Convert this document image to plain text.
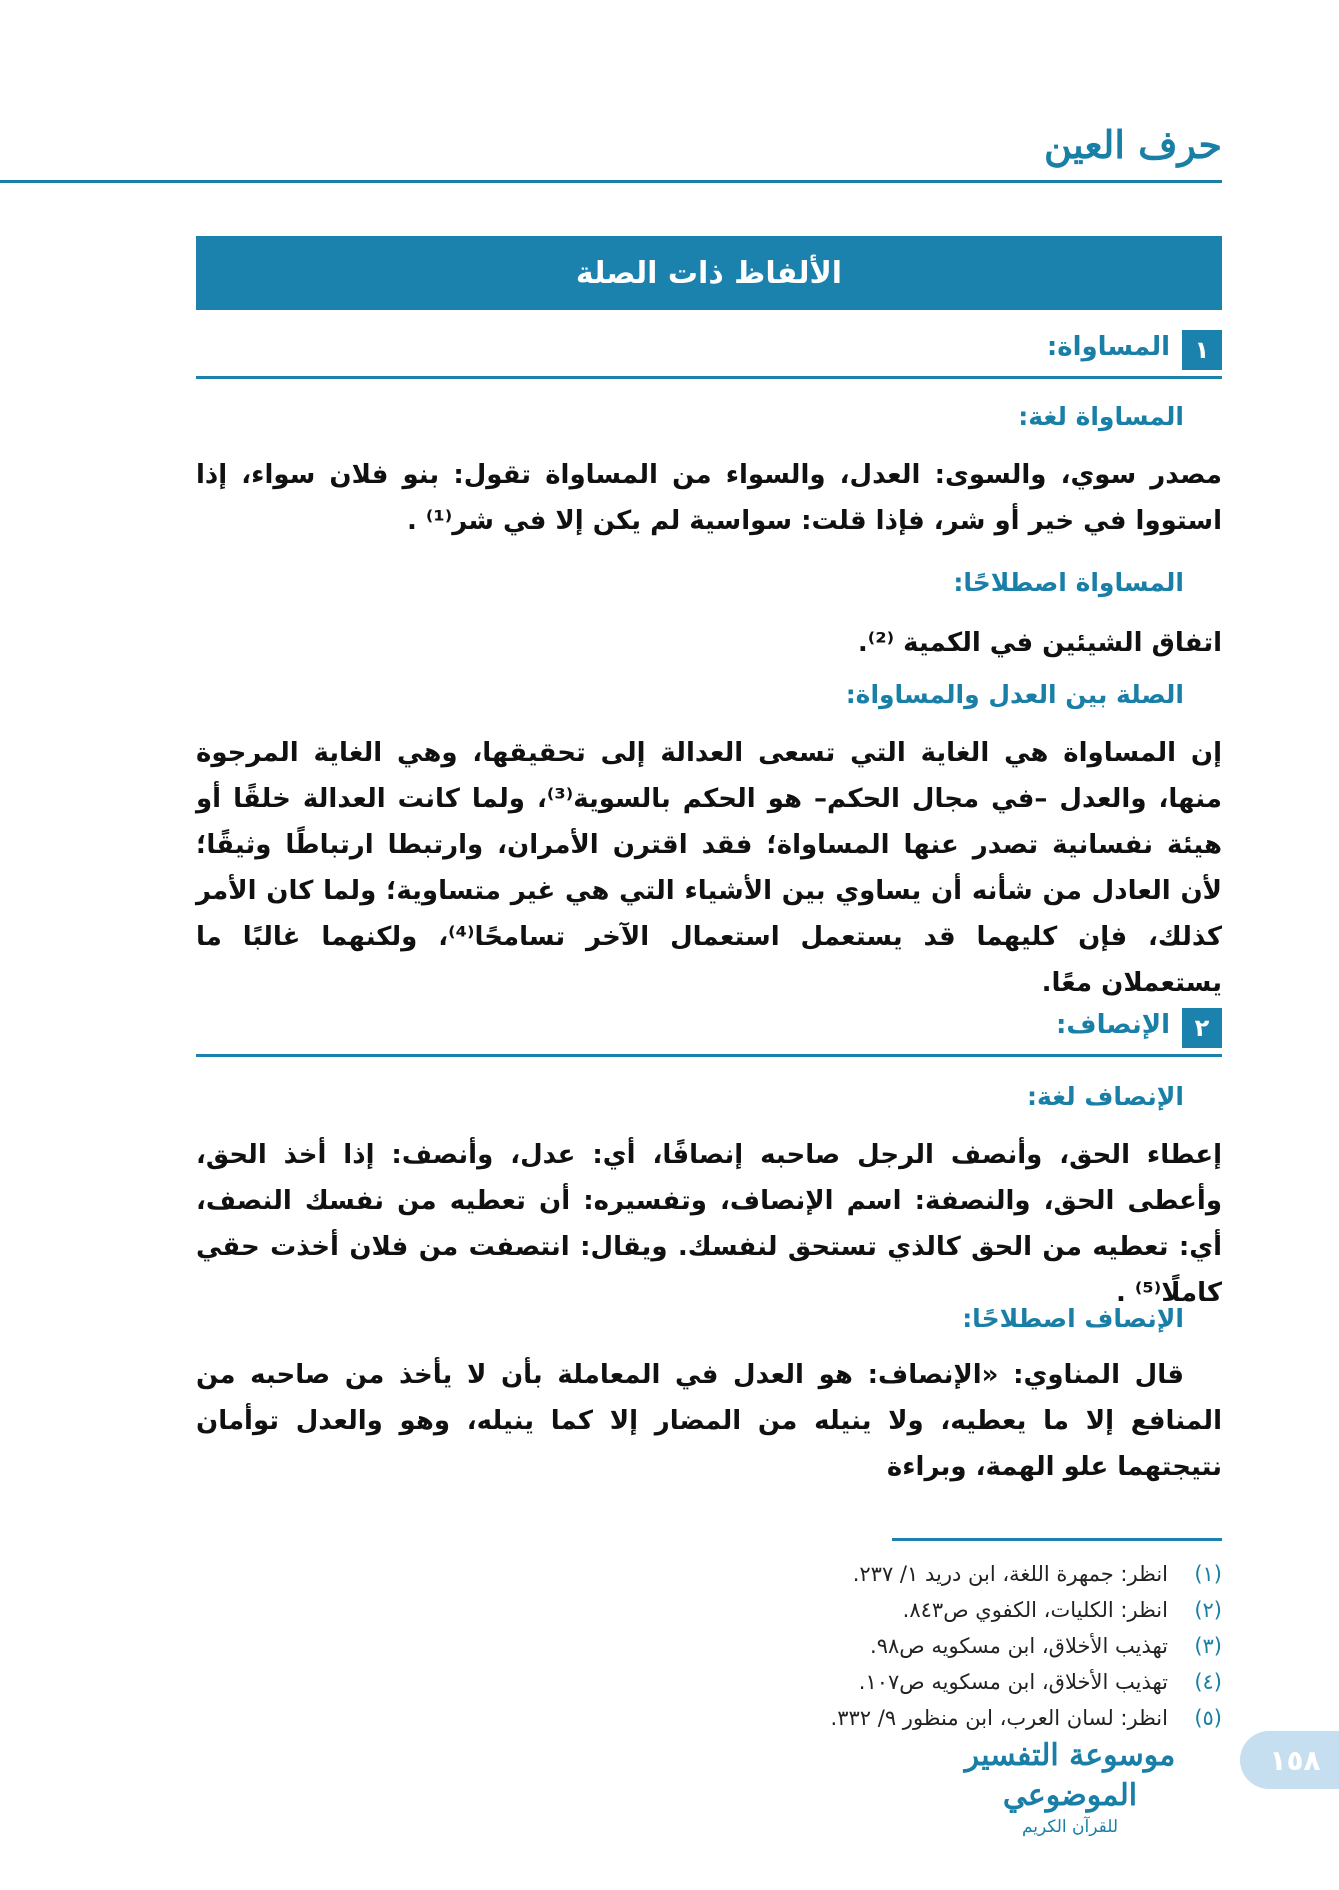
حرف العين
الألفاظ ذات الصلة
١
المساواة:
المساواة لغة:
مصدر سوي، والسوى: العدل، والسواء من المساواة تقول: بنو فلان سواء، إذا استووا في خير أو شر، فإذا قلت: سواسية لم يكن إلا في شر⁽¹⁾ .
المساواة اصطلاحًا:
اتفاق الشيئين في الكمية ⁽²⁾.
الصلة بين العدل والمساواة:
إن المساواة هي الغاية التي تسعى العدالة إلى تحقيقها، وهي الغاية المرجوة منها، والعدل –في مجال الحكم– هو الحكم بالسوية⁽³⁾، ولما كانت العدالة خلقًا أو هيئة نفسانية تصدر عنها المساواة؛ فقد اقترن الأمران، وارتبطا ارتباطًا وثيقًا؛ لأن العادل من شأنه أن يساوي بين الأشياء التي هي غير متساوية؛ ولما كان الأمر كذلك، فإن كليهما قد يستعمل استعمال الآخر تسامحًا⁽⁴⁾، ولكنهما غالبًا ما يستعملان معًا.
٢
الإنصاف:
الإنصاف لغة:
إعطاء الحق، وأنصف الرجل صاحبه إنصافًا، أي: عدل، وأنصف: إذا أخذ الحق، وأعطى الحق، والنصفة: اسم الإنصاف، وتفسيره: أن تعطيه من نفسك النصف، أي: تعطيه من الحق كالذي تستحق لنفسك. ويقال: انتصفت من فلان أخذت حقي كاملًا⁽⁵⁾ .
الإنصاف اصطلاحًا:
قال المناوي: «الإنصاف: هو العدل في المعاملة بأن لا يأخذ من صاحبه من المنافع إلا ما يعطيه، ولا ينيله من المضار إلا كما ينيله، وهو والعدل توأمان نتيجتهما علو الهمة، وبراءة
(١)
انظر: جمهرة اللغة، ابن دريد ١/ ٢٣٧.
(٢)
انظر: الكليات، الكفوي ص٨٤٣.
(٣)
تهذيب الأخلاق، ابن مسكويه ص٩٨.
(٤)
تهذيب الأخلاق، ابن مسكويه ص١٠٧.
(٥)
انظر: لسان العرب، ابن منظور ٩/ ٣٣٢.
١٥٨
موسوعة التفسير الموضوعي
للقرآن الكريم
